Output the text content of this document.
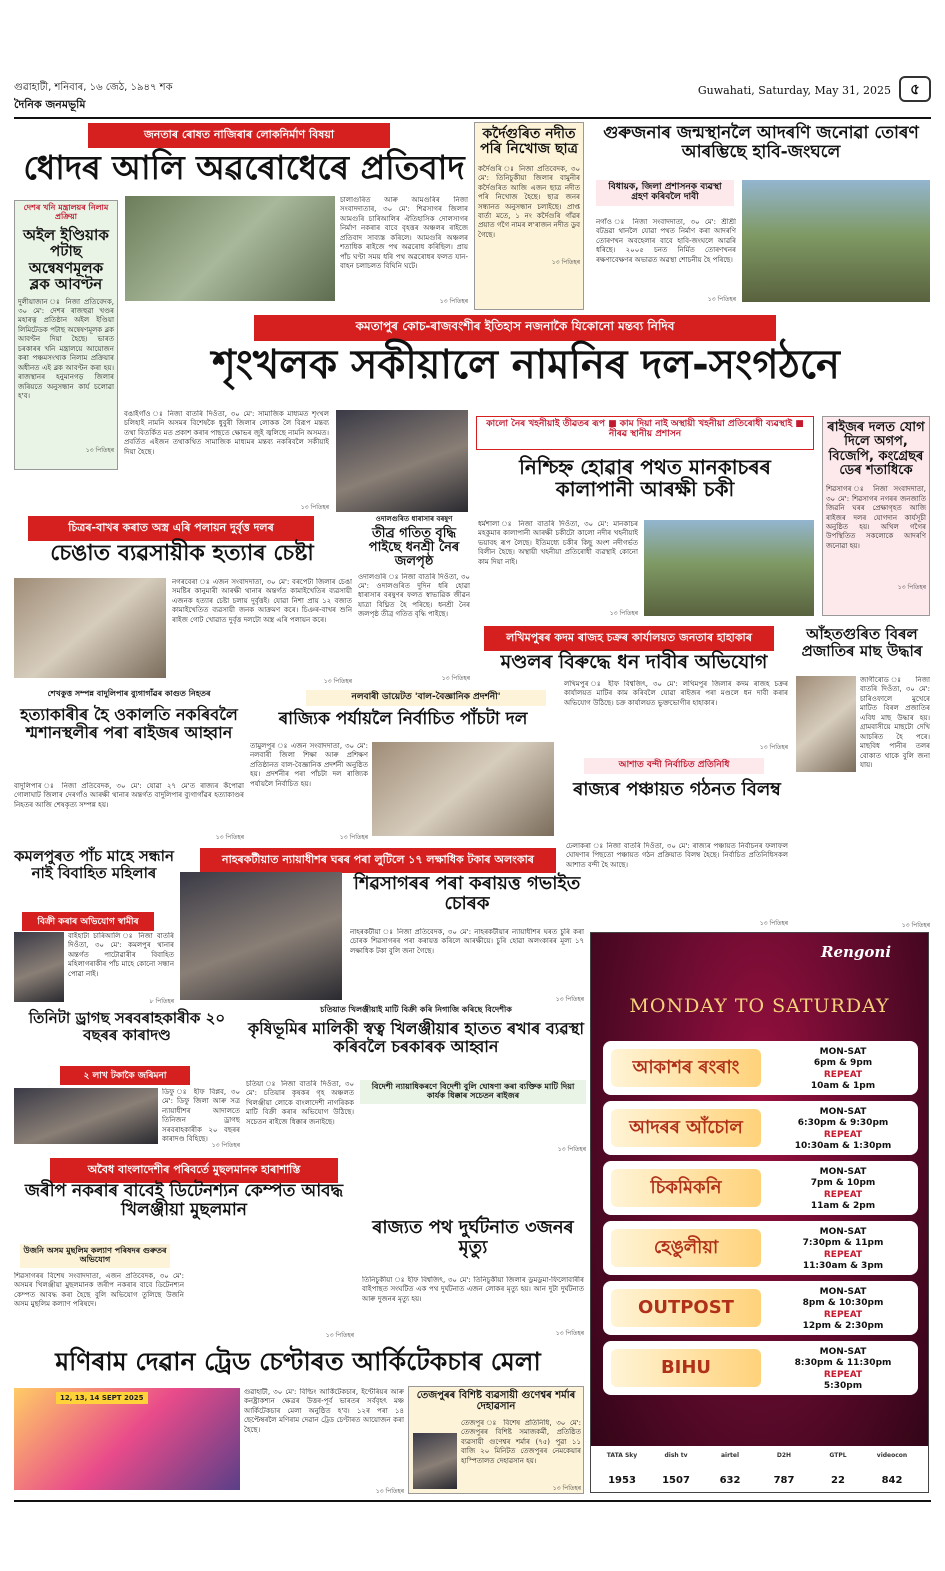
গুৱাহাটী, শনিবাৰ, ১৬ জেঠ, ১৯৪৭ শক
দৈনিক জনমভূমি
Guwahati, Saturday, May 31, 2025	৫
জনতাৰ ৰোষত নাজিৰাৰ লোকনিৰ্মাণ বিষয়া
ধোদৰ আলি অৱৰোধেৰে প্ৰতিবাদ
দেশৰ খনি মন্ত্ৰালয়ৰ নিলাম প্ৰক্ৰিয়া
অইল ইণ্ডিয়াক পটাছ অন্বেষণমূলক ব্লক আবণ্টন
দুলীয়াজান ঃ নিজা প্ৰতিবেদক, ৩০ মে': দেশৰ ৰাজহুৱা খণ্ডৰ মহাৰত্ন প্ৰতিষ্ঠান অইল ইণ্ডিয়া লিমিটেডক পটাছ অন্বেষণমূলক ব্লক আবণ্টন দিয়া হৈছে। ভাৰত চৰকাৰৰ খনি মন্ত্ৰালয়ে আয়োজন কৰা পঞ্চমসংখ্যক নিলাম প্ৰক্ৰিয়াৰ অধীনত এই ব্লক আবণ্টন কৰা হয়। ৰাজস্থানৰ হনুমানগড় জিলাৰ জৰিয়তে অনুসন্ধান কাৰ্য চলোৱা হ'ব।
১৩ পিতিহৰ
চালাগুৰিত আৰু আমগুৰিৰ নিজা সংবাদদাতাৰ, ৩০ মে': শিৱসাগৰ জিলাৰ আমগুৰি চাৰিআলিৰ ঐতিহাসিক দোলসাগৰ নিৰ্মাণ নকৰাৰ বাবে বৃহত্তৰ অঞ্চলৰ ৰাইজে প্ৰতিবাদ সাব্যস্ত কৰিলে। আমগুৰি অঞ্চলৰ শতাধিক ৰাইজে পথ অৱৰোধ কৰিছিল। প্ৰায় পাঁচ ঘণ্টা সময় ধৰি পথ অৱৰোধৰ ফলত যান-বাহন চলাচলত বিঘিনি ঘটে।
১৩ পিতিহৰ
কৰ্দৈগুৰিত নদীত পৰি নিখোজ ছাত্ৰ
কৰ্দৈগুৰি ঃ নিজা প্ৰতিবেদক, ৩০ মে': তিনিচুকীয়া জিলাৰ বামুনীৰ কৰ্দৈগুৰিত আজি এজন ছাত্ৰ নদীত পৰি নিখোজ হৈছে। ছাত্ৰ জনৰ সন্ধানত অনুসন্ধান চলাইছে। প্ৰাপ্ত বাৰ্তা মতে, ১ নং কৰ্দৈগুৰি গাঁৱৰ প্ৰয়াত গগৈ নামৰ ল'ৰাজন নদীত ডুব গৈছে।
১৩ পিতিহৰ
গুৰুজনাৰ জন্মস্থানলৈ আদৰণি জনোৱা তোৰণ আৰম্ভিছে হাবি-জংঘলে
বিধায়ক, জিলা প্ৰশাসনক ব্যৱস্থা গ্ৰহণ কৰিবলৈ দাবী
নগাঁও ঃ নিজা সংবাদদাতা, ৩০ মে': শ্ৰীশ্ৰী বটদ্ৰৱা থানলৈ যোৱা পথত নিৰ্মাণ কৰা আদৰণি তোৰণখন অবহেলাৰ বাবে হাবি-জংঘলে আৱৰি ধৰিছে। ২০০৫ চনত নিৰ্মিত তোৰণখনৰ ৰক্ষণাবেক্ষণৰ অভাৱত অৱস্থা শোচনীয় হৈ পৰিছে।
১৩ পিতিহৰ
কমতাপুৰ কোচ-ৰাজবংশীৰ ইতিহাস নজনাকৈ যিকোনো মন্তব্য নিদিব
শৃংখলক সকীয়ালে নামনিৰ দল-সংগঠনে
বঙাইগাঁও ঃ নিজা বাতৰি দিওঁতা, ৩০ মে': সামাজিক মাধ্যমত শৃংখল চলিহাই নামনি অসমৰ বিশেষকৈ ধুবুৰী জিলাৰ লোকক লৈ বিরূপ মন্তব্য তথা বিতৰ্কিত মত প্ৰকাশ কৰাৰ পাছতে ক্ষোভৰ জুই জ্বলিছে নামনি অসমত। প্ৰবৰ্তিত এইজন তথাকথিত সামাজিক মাধ্যমৰ মন্তব্য নকৰিবলৈ সকীয়াই দিয়া হৈছে।
১৩ পিতিহৰ
কালো নৈৰ খহনীয়াই তীৱতৰ ৰূপ ■ কাম দিয়া নাই অস্থায়ী খহনীয়া প্ৰতিৰোধী ব্যৱস্থাই ■ নীৰৱ স্থানীয় প্ৰশাসন
নিশ্চিহ্ন হোৱাৰ পথত মানকাচৰৰ কালাপানী আৰক্ষী চকী
ধৰ্মশালা ঃ নিজা বাতৰি দিওঁতা, ৩০ মে': মানকাচৰ মহকুমাৰ কালাপানী আৰক্ষী চকীটো কালো নদীৰ খহনীয়াই ভয়াবহ ৰূপ লৈছে। ইতিমধ্যে চকীৰ কিছু অংশ নদীগৰ্ভত বিলীন হৈছে। অস্থায়ী খহনীয়া প্ৰতিৰোধী ব্যৱস্থাই কোনো কাম দিয়া নাই।
১৩ পিতিহৰ
ৰাইজৰ দলত যোগ দিলে অগপ, বিজেপি, কংগ্ৰেছৰ ডেৰ শতাধিকে
শিৱসাগৰ ঃ নিজা সংবাদদাতা, ৩০ মে': শিৱসাগৰ নগৰৰ জনজাতি জিৱনি ঘৰৰ প্ৰেক্ষাগৃহত আজি ৰাইজৰ দলৰ যোগদান কাৰ্যসূচী অনুষ্ঠিত হয়। অখিল গগৈৰ উপস্থিতিত সকলোকে আদৰণি জনোৱা হয়।
১৩ পিতিহৰ
চিত্ৰৰ-বাখৰ কৰাত অস্ত্ৰ এৰি পলায়ন দুৰ্বৃত্ত দলৰ
চেঙাত ব্যৱসায়ীক হত্যাৰ চেষ্টা
নগৰবেৰা ঃ এজন সংবাদদাতা, ৩০ মে': বৰপেটা জিলাৰ চেঙা সমষ্টিৰ কানুমাৰী আৰক্ষী থানাৰ অন্তৰ্গত কামাইখেতিৰ ব্যৱসায়ী এজনক হত্যাৰ চেষ্টা চলায় দুৰ্বৃত্তই। যোৱা নিশা প্ৰায় ১২ বজাত কামাইখেতিত ব্যৱসায়ী জনক আক্ৰমণ কৰে। চিঞৰ-বাখৰ শুনি ৰাইজ গোট খোৱাত দুৰ্বৃত্ত দলটো অস্ত্ৰ এৰি পলায়ন কৰে।
১৩ পিতিহৰ
ওদালগুৰিত ধাৰাসাৰ বৰষুণ
তীব্ৰ গতিত বৃদ্ধি পাইছে ধনশ্ৰী নৈৰ জলপৃষ্ঠ
ওদালগুৰি ঃ নিজা বাতৰি দিওঁতা, ৩০ মে': ওদালগুৰিত দুদিন ধৰি হোৱা ধাৰাসাৰ বৰষুণৰ ফলত স্বাভাৱিক জীৱন যাত্ৰা বিঘ্নিত হৈ পৰিছে। ধনশ্ৰী নৈৰ জলপৃষ্ঠ তীব্ৰ গতিত বৃদ্ধি পাইছে।
১৩ পিতিহৰ
লখিমপুৰৰ কদম ৰাজহ চক্ৰৰ কাৰ্যালয়ত জনতাৰ হাহাকাৰ
মণ্ডলৰ বিৰুদ্ধে ধন দাবীৰ অভিযোগ
লখিমপুৰ ঃ হীফ বিশ্বজিৎ, ৩০ মে': লখিমপুৰ জিলাৰ কদম ৰাজহ চক্ৰৰ কাৰ্যালয়ত মাটিৰ কাম কৰিবলৈ যোৱা ৰাইজৰ পৰা মণ্ডলে ধন দাবী কৰাৰ অভিযোগ উঠিছে। চক্ৰ কাৰ্যালয়ত ভুক্তভোগীৰ হাহাকাৰ।
১৩ পিতিহৰ
আঁহতগুৰিত বিৰল প্ৰজাতিৰ মাছ উদ্ধাৰ
জাগীৰোড ঃ নিজা বাতৰি দিওঁতা, ৩০ মে': চাৰিওফালে মুখেৰে মাটিত বিৰল প্ৰজাতিৰ এবিধ মাছ উদ্ধাৰ হয়। গ্ৰামবাসীয়ে মাছটো দেখি আচৰিত হৈ পৰে। মাছবিধ পানীৰ তলৰ বোকাত থাকে বুলি জনা যায়।
১৩ পিতিহৰ
শেখকুত্ত সম্পন্ন বাদুলিপাৰ ব্যুগাগাঁৱৰ কাগুত নিহতৰ
হত্যাকাৰীৰ হৈ ওকালতি নকৰিবলৈ শ্মশানস্থলীৰ পৰা ৰাইজৰ আহ্বান
বাদুলিপাৰ ঃ নিজা প্ৰতিবেদক, ৩০ মে': যোৱা ২৭ মে'ত ৰাজ্যৰ কঁপোৱা গোলাঘাট জিলাৰ দেৰগাঁও আৰক্ষী থানাৰ অন্তৰ্গত বাদুলিপাৰ ব্যুগাগাঁৱৰ হত্যাকাণ্ডৰ নিহতৰ আজি শেষকৃত্য সম্পন্ন হয়।
১৩ পিতিহৰ
নলবাৰী ডায়েটত 'বাল-বৈজ্ঞানিক প্ৰদৰ্শনী'
ৰাজ্যিক পৰ্যায়লৈ নিৰ্বাচিত পাঁচটা দল
তামুলপুৰ ঃ এজন সংবাদদাতা, ৩০ মে': নলবাৰী জিলা শিক্ষা আৰু প্ৰশিক্ষণ প্ৰতিষ্ঠানত বাল-বৈজ্ঞানিক প্ৰদৰ্শনী অনুষ্ঠিত হয়। প্ৰদৰ্শনীৰ পৰা পাঁচটা দল ৰাজ্যিক পৰ্যায়লৈ নিৰ্বাচিত হয়।
১৩ পিতিহৰ
আশাত বন্দী নিৰ্বাচিত প্ৰতিনিধি
ৰাজ্যৰ পঞ্চায়ত গঠনত বিলম্ব
ঢেলাকৰা ঃ নিজা বাতৰি দিওঁতা, ৩০ মে': ৰাজ্যৰ পঞ্চায়ত নিৰ্বাচনৰ ফলাফল ঘোষণাৰ পিছতো পঞ্চায়ত গঠন প্ৰক্ৰিয়াত বিলম্ব হৈছে। নিৰ্বাচিত প্ৰতিনিধিসকল আশাত বন্দী হৈ আছে।
১৩ পিতিহৰ
কমলপুৰত পাঁচ মাহে সন্ধান নাই বিবাহিত মহিলাৰ
বিক্ৰী কৰাৰ অভিযোগ স্বামীৰ
বাইহাটা চাৰিআলি ঃ নিজা বাতৰি দিওঁতা, ৩০ মে': কমলপুৰ থানাৰ অন্তৰ্গত পাটোৱাৰীৰ বিবাহিত মহিলাগৰাকীৰ পাঁচ মাহে কোনো সন্ধান পোৱা নাই।
৮ পিতিহৰ
নাহৰকটীয়াত ন্যায়াধীশৰ ঘৰৰ পৰা লুটিলে ১৭ লক্ষাধিক টকাৰ অলংকাৰ
শিৱসাগৰৰ পৰা কৰায়ত্ত গভাইত চোৰক
নাহৰকটীয়া ঃ নিজা প্ৰতিবেদক, ৩০ মে': নাহৰকটীয়াৰ ন্যায়াধীশৰ ঘৰত চুৰি কৰা চোৰক শিৱসাগৰৰ পৰা কৰায়ত্ত কৰিলে আৰক্ষীয়ে। চুৰি হোৱা অলংকাৰৰ মূল্য ১৭ লক্ষাধিক টকা বুলি জনা গৈছে।
১৩ পিতিহৰ
তিনিটা ড্ৰাগছ সৰবৰাহকাৰীক ২০ বছৰৰ কাৰাদণ্ড
২ লাখ টকাকৈ জৰিমনা
ডিফু ঃ হীফ বিপ্লব, ৩০ মে': ডিফু জিলা আৰু সত্ৰ ন্যায়াধীশৰ আদালতে তিনিজন ড্ৰাগছ সৰবৰাহকাৰীক ২০ বছৰৰ কাৰাদণ্ড বিহিছে।
১৩ পিতিহৰ
চতিয়াত খিলঞ্জীয়াই মাটি বিক্ৰী কৰি নিগাজি কৰিছে বিদেশীক
কৃষিভূমিৰ মালিকী স্বত্ব খিলঞ্জীয়াৰ হাতত ৰখাৰ ব্যৱস্থা কৰিবলৈ চৰকাৰক আহ্বান
চতিয়া ঃ নিজা বাতৰি দিওঁতা, ৩০ মে': চতিয়াৰ কৃষকৰ গৃহ অঞ্চলত খিলঞ্জীয়া লোকে বাংলাদেশী নাগৰিকক মাটি বিক্ৰী কৰাৰ অভিযোগ উঠিছে। সচেতন ৰাইজে ধিক্কাৰ জনাইছে।
বিদেশী ন্যায়াধিকৰণে বিদেশী বুলি ঘোষণা কৰা ব্যক্তিক মাটি দিয়া কাৰ্যক ধিক্কাৰ সচেতন ৰাইজৰ
১৩ পিতিহৰ
অবৈধ বাংলাদেশীৰ পৰিবৰ্তে মুছলমানক হাৰাশাস্তি
জৰীপ নকৰাৰ বাবেই ডিটেনশ্যন কেম্পত আবদ্ধ খিলঞ্জীয়া মুছলমান
উজনি অসম মুছলিম কল্যাণ পৰিষদৰ গুৰুতৰ অভিযোগ
শিৱসাগৰৰ বিশেষ সংবাদদাতা, এজন প্ৰতিবেদক, ৩০ মে': অসমৰ খিলঞ্জীয়া মুছলমানক জৰীপ নকৰাৰ বাবে ডিটেনশ্যন কেম্পত আবদ্ধ কৰা হৈছে বুলি অভিযোগ তুলিছে উজনি অসম মুছলিম কল্যাণ পৰিষদে।
১৩ পিতিহৰ
ৰাজ্যত পথ দুৰ্ঘটনাত ৩জনৰ মৃত্যু
তিনিচুকীয়া ঃ হীফ বিশ্বজিৎ, ৩০ মে': তিনিচুকীয়া জিলাৰ ডুমডুমা-ফিলোবাৰীৰ বাইপাছত সংঘটিত এক পথ দুৰ্ঘটনাত এজন লোকৰ মৃত্যু হয়। আন দুটা দুৰ্ঘটনাত আৰু দুজনৰ মৃত্যু হয়।
১৩ পিতিহৰ
মণিৰাম দেৱান ট্ৰেড চেণ্টাৰত আৰ্কিটেকচাৰ মেলা
12, 13, 14 SEPT 2025
গুৱাহাটী, ৩০ মে': বিল্ডিং আৰ্কিটেকচাৰ, ইণ্টেৰিয়ৰ আৰু কনষ্ট্ৰাকশ্যন ক্ষেত্ৰৰ উত্তৰ-পূৰ্ব ভাৰতৰ সৰ্ববৃহৎ মঞ্চ আৰ্কিটেকচাৰ মেলা অনুষ্ঠিত হ'ব। ১২ৰ পৰা ১৪ ছেপ্টেম্বৰলৈ মণিৰাম দেৱান ট্ৰেড চেণ্টাৰত আয়োজন কৰা হৈছে।
১৩ পিতিহৰ
তেজপুৰৰ বিশিষ্ট ব্যৱসায়ী গুণেশ্বৰ শৰ্মাৰ দেহাৱসান
তেজপুৰ ঃ বিশেষ প্ৰতিনিধি, ৩০ মে': তেজপুৰৰ বিশিষ্ট সমাজকৰ্মী, প্ৰতিষ্ঠিত ব্যৱসায়ী গুণেশ্বৰ শৰ্মাৰ (৭৫) পুৱা ১১ বাজি ২০ মিনিটত তেজপুৰৰ নেমকেয়াৰ হাস্পিতালত দেহাৱসান হয়।
১৩ পিতিহৰ
Rengoni
MONDAY TO SATURDAY
আকাশৰ ৰংৰাং
MON-SAT
6pm & 9pm
REPEAT
10am & 1pm
আদৰৰ আঁচোল
MON-SAT
6:30pm & 9:30pm
REPEAT
10:30am & 1:30pm
চিকমিকনি
MON-SAT
7pm & 10pm
REPEAT
11am & 2pm
হেঙুলীয়া
MON-SAT
7:30pm & 11pm
REPEAT
11:30am & 3pm
OUTPOST
MON-SAT
8pm & 10:30pm
REPEAT
12pm & 2:30pm
BIHU
MON-SAT
8:30pm & 11:30pm
REPEAT
5:30pm
TATA Sky
1953
dish tv
1507
airtel
632
D2H
787
GTPL
22
videocon
842
